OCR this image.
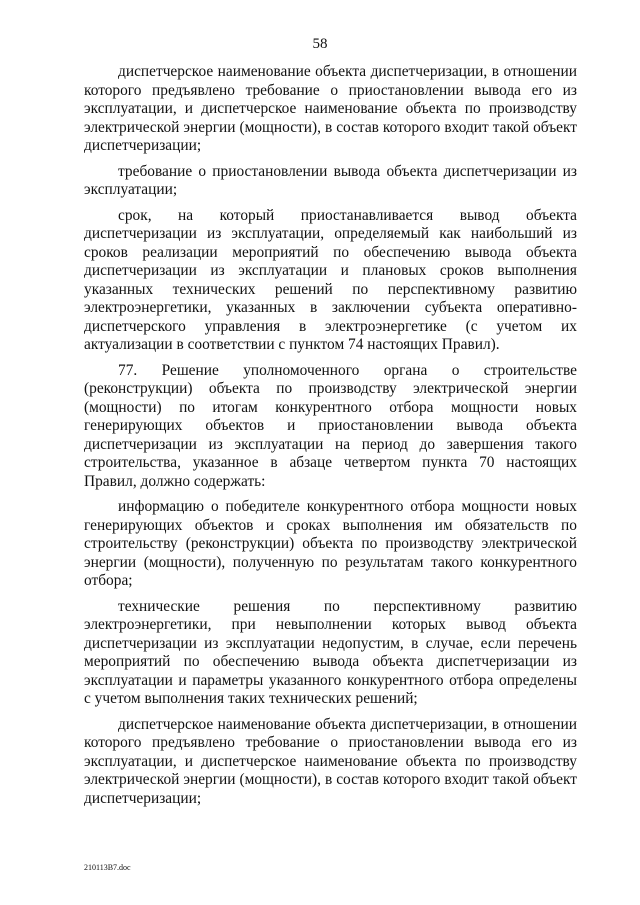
58

диспетчерское наименование объекта диспетчеризации, в отношении которого предъявлено требование о приостановлении вывода его из эксплуатации, и диспетчерское наименование объекта по производству электрической энергии (мощности), в состав которого входит такой объект диспетчеризации;

требование о приостановлении вывода объекта диспетчеризации из эксплуатации;

срок, на который приостанавливается вывод объекта диспетчеризации из эксплуатации, определяемый как наибольший из сроков реализации мероприятий по обеспечению вывода объекта диспетчеризации из эксплуатации и плановых сроков выполнения указанных технических решений по перспективному развитию электроэнергетики, указанных в заключении субъекта оперативно-диспетчерского управления в электроэнергетике (с учетом их актуализации в соответствии с пунктом 74 настоящих Правил).

77. Решение уполномоченного органа о строительстве (реконструкции) объекта по производству электрической энергии (мощности) по итогам конкурентного отбора мощности новых генерирующих объектов и приостановлении вывода объекта диспетчеризации из эксплуатации на период до завершения такого строительства, указанное в абзаце четвертом пункта 70 настоящих Правил, должно содержать:

информацию о победителе конкурентного отбора мощности новых генерирующих объектов и сроках выполнения им обязательств по строительству (реконструкции) объекта по производству электрической энергии (мощности), полученную по результатам такого конкурентного отбора;

технические решения по перспективному развитию электроэнергетики, при невыполнении которых вывод объекта диспетчеризации из эксплуатации недопустим, в случае, если перечень мероприятий по обеспечению вывода объекта диспетчеризации из эксплуатации и параметры указанного конкурентного отбора определены с учетом выполнения таких технических решений;

диспетчерское наименование объекта диспетчеризации, в отношении которого предъявлено требование о приостановлении вывода его из эксплуатации, и диспетчерское наименование объекта по производству электрической энергии (мощности), в состав которого входит такой объект диспетчеризации;

210113В7.doc
